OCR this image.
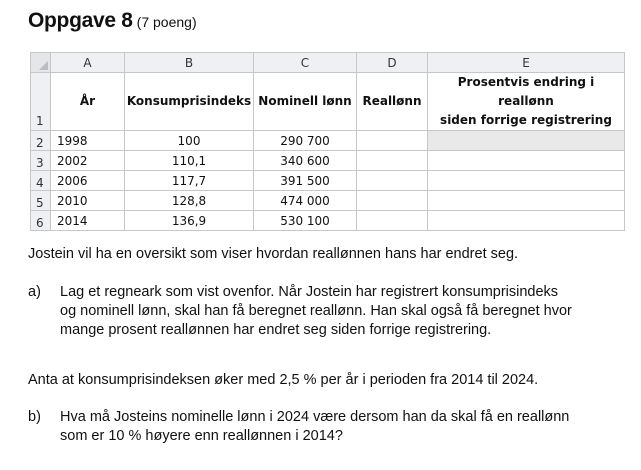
Oppgave 8 (7 poeng)
	A	B	C	D	E
1	År	Konsumprisindeks	Nominell lønn	Reallønn	Prosentvis endring i reallønn
siden forrige registrering
2	1998	100	290 700		
3	2002	110,1	340 600		
4	2006	117,7	391 500		
5	2010	128,8	474 000		
6	2014	136,9	530 100		
Jostein vil ha en oversikt som viser hvordan reallønnen hans har endret seg.
a) Lag et regneark som vist ovenfor. Når Jostein har registrert konsumprisindeks
og nominell lønn, skal han få beregnet reallønn. Han skal også få beregnet hvor
mange prosent reallønnen har endret seg siden forrige registrering.
Anta at konsumprisindeksen øker med 2,5 % per år i perioden fra 2014 til 2024.
b) Hva må Josteins nominelle lønn i 2024 være dersom han da skal få en reallønn
som er 10 % høyere enn reallønnen i 2014?
